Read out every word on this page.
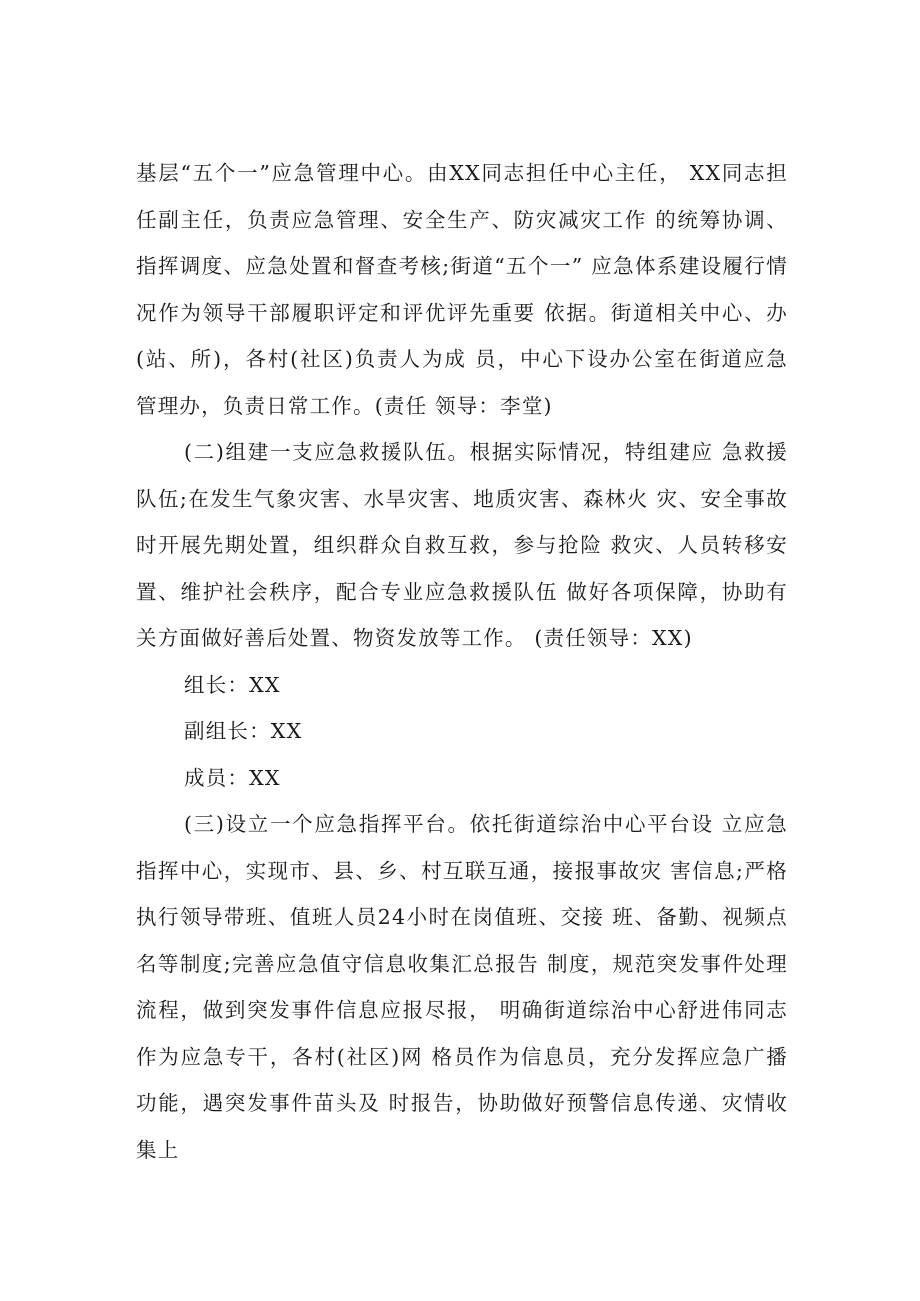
基层“五个一”应急管理中心。由XX同志担任中心主任， XX同志担任副主任，负责应急管理、安全生产、防灾减灾工作 的统筹协调、指挥调度、应急处置和督查考核;街道“五个一” 应急体系建设履行情况作为领导干部履职评定和评优评先重要 依据。街道相关中心、办(站、所)，各村(社区)负责人为成 员，中心下设办公室在街道应急管理办，负责日常工作。(责任 领导：李堂)

(二)组建一支应急救援队伍。根据实际情况，特组建应 急救援队伍;在发生气象灾害、水旱灾害、地质灾害、森林火 灾、安全事故时开展先期处置，组织群众自救互救，参与抢险 救灾、人员转移安置、维护社会秩序，配合专业应急救援队伍 做好各项保障，协助有关方面做好善后处置、物资发放等工作。 (责任领导：XX)

组长：XX

副组长：XX

成员：XX

(三)设立一个应急指挥平台。依托街道综治中心平台设 立应急指挥中心，实现市、县、乡、村互联互通，接报事故灾 害信息;严格执行领导带班、值班人员24小时在岗值班、交接 班、备勤、视频点名等制度;完善应急值守信息收集汇总报告 制度，规范突发事件处理流程，做到突发事件信息应报尽报， 明确街道综治中心舒进伟同志作为应急专干，各村(社区)网 格员作为信息员，充分发挥应急广播功能，遇突发事件苗头及 时报告，协助做好预警信息传递、灾情收集上
